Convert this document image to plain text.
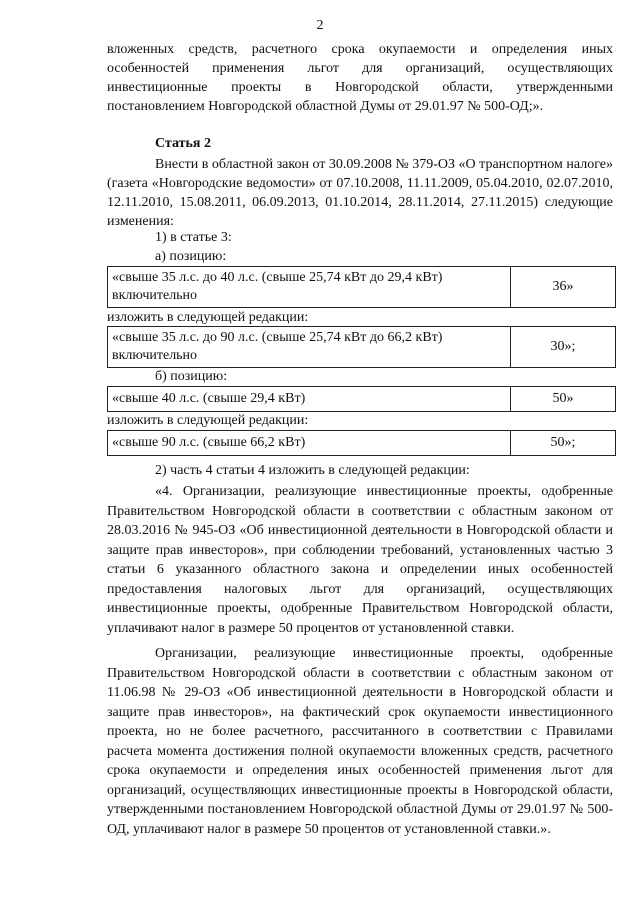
2
вложенных средств, расчетного срока окупаемости и определения иных особенностей применения льгот для организаций, осуществляющих инвестиционные проекты в Новгородской области, утвержденными постановлением Новгородской областной Думы от 29.01.97 № 500-ОД;».
Статья 2
Внести в областной закон от 30.09.2008 № 379-ОЗ «О транспортном налоге» (газета «Новгородские ведомости» от 07.10.2008, 11.11.2009, 05.04.2010, 02.07.2010, 12.11.2010, 15.08.2011, 06.09.2013, 01.10.2014, 28.11.2014, 27.11.2015) следующие изменения:
1) в статье 3:
а) позицию:
«свыше 35 л.с. до 40 л.с. (свыше 25,74 кВт до 29,4 кВт) включительно	36»
изложить в следующей редакции:
«свыше 35 л.с. до 90 л.с. (свыше 25,74 кВт до 66,2 кВт) включительно	30»;
б) позицию:
«свыше 40 л.с. (свыше 29,4 кВт)	50»
изложить в следующей редакции:
«свыше 90 л.с. (свыше 66,2 кВт)	50»;
2) часть 4 статьи 4 изложить в следующей редакции:
«4. Организации, реализующие инвестиционные проекты, одобренные Правительством Новгородской области в соответствии с областным законом от 28.03.2016 № 945-ОЗ «Об инвестиционной деятельности в Новгородской области и защите прав инвесторов», при соблюдении требований, установленных частью 3 статьи 6 указанного областного закона и определении иных особенностей предоставления налоговых льгот для организаций, осуществляющих инвестиционные проекты, одобренные Правительством Новгородской области, уплачивают налог в размере 50 процентов от установленной ставки.
Организации, реализующие инвестиционные проекты, одобренные Правительством Новгородской области в соответствии с областным законом от 11.06.98 № 29-ОЗ «Об инвестиционной деятельности в Новгородской области и защите прав инвесторов», на фактический срок окупаемости инвестиционного проекта, но не более расчетного, рассчитанного в соответствии с Правилами расчета момента достижения полной окупаемости вложенных средств, расчетного срока окупаемости и определения иных особенностей применения льгот для организаций, осуществляющих инвестиционные проекты в Новгородской области, утвержденными постановлением Новгородской областной Думы от 29.01.97 № 500-ОД, уплачивают налог в размере 50 процентов от установленной ставки.».
